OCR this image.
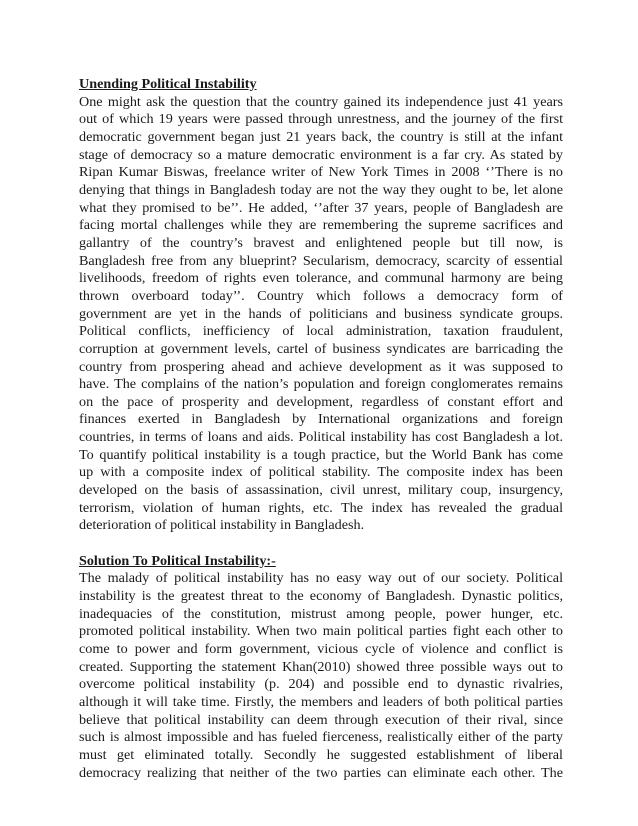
Unending Political Instability

One might ask the question that the country gained its independence just 41 years
out of which 19 years were passed through unrestness, and the journey of the first
democratic government began just 21 years back, the country is still at the infant
stage of democracy so a mature democratic environment is a far cry. As stated by
Ripan Kumar Biswas, freelance writer of New York Times in 2008 ‘’There is no
denying that things in Bangladesh today are not the way they ought to be, let alone
what they promised to be’’. He added, ‘’after 37 years, people of Bangladesh are
facing mortal challenges while they are remembering the supreme sacrifices and
gallantry of the country’s bravest and enlightened people but till now, is
Bangladesh free from any blueprint? Secularism, democracy, scarcity of essential
livelihoods, freedom of rights even tolerance, and communal harmony are being
thrown overboard today’’. Country which follows a democracy form of
government are yet in the hands of politicians and business syndicate groups.
Political conflicts, inefficiency of local administration, taxation fraudulent,
corruption at government levels, cartel of business syndicates are barricading the
country from prospering ahead and achieve development as it was supposed to
have. The complains of the nation’s population and foreign conglomerates remains
on the pace of prosperity and development, regardless of constant effort and
finances exerted in Bangladesh by International organizations and foreign
countries, in terms of loans and aids. Political instability has cost Bangladesh a lot.
To quantify political instability is a tough practice, but the World Bank has come
up with a composite index of political stability. The composite index has been
developed on the basis of assassination, civil unrest, military coup, insurgency,
terrorism, violation of human rights, etc. The index has revealed the gradual
deterioration of political instability in Bangladesh.

Solution To Political Instability:-

The malady of political instability has no easy way out of our society. Political
instability is the greatest threat to the economy of Bangladesh. Dynastic politics,
inadequacies of the constitution, mistrust among people, power hunger, etc.
promoted political instability. When two main political parties fight each other to
come to power and form government, vicious cycle of violence and conflict is
created. Supporting the statement Khan(2010) showed three possible ways out to
overcome political instability (p. 204) and possible end to dynastic rivalries,
although it will take time. Firstly, the members and leaders of both political parties
believe that political instability can deem through execution of their rival, since
such is almost impossible and has fueled fierceness, realistically either of the party
must get eliminated totally. Secondly he suggested establishment of liberal
democracy realizing that neither of the two parties can eliminate each other. The
